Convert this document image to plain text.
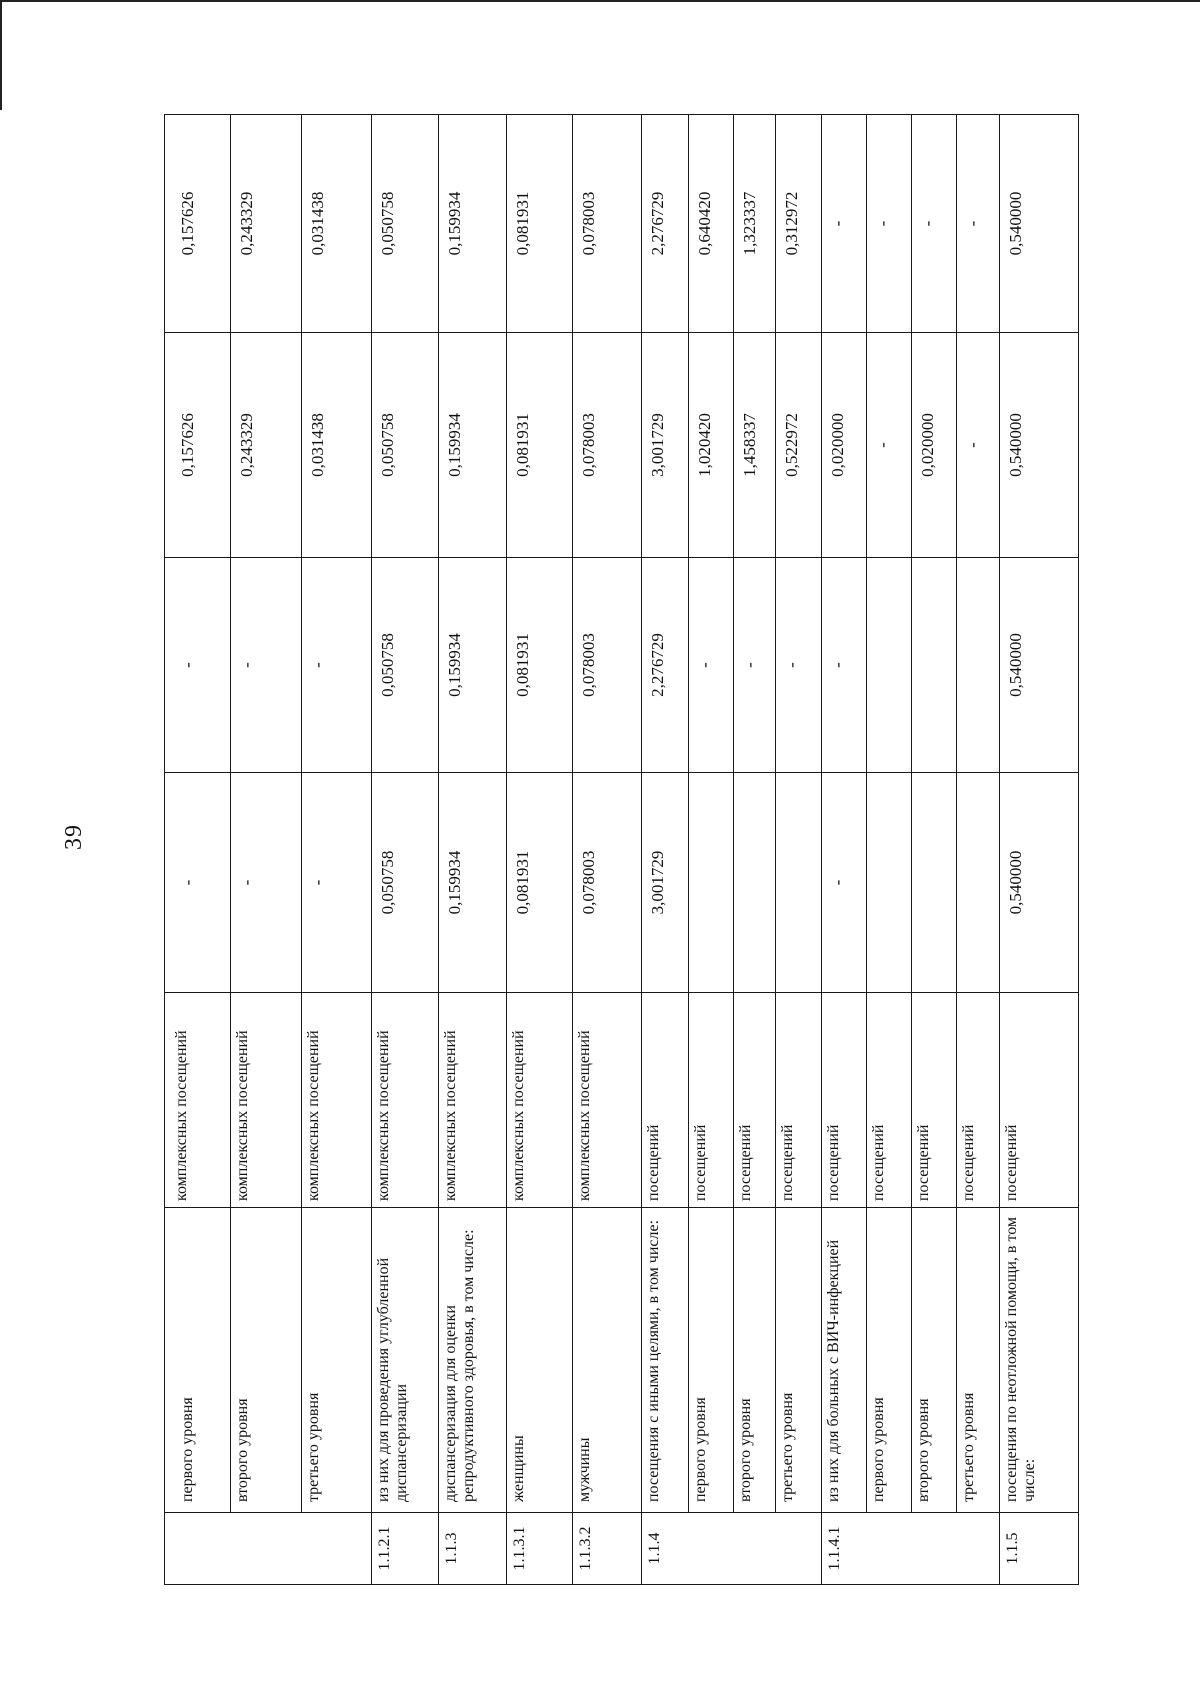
39
	первого уровня	комплексных посещений	-	-	0,157626	0,157626
	второго уровня	комплексных посещений	-	-	0,243329	0,243329
	третьего уровня	комплексных посещений	-	-	0,031438	0,031438
1.1.2.1	из них для проведения углубленной диспансеризации	комплексных посещений	0,050758	0,050758	0,050758	0,050758
1.1.3	диспансеризация для оценки репродуктивного здоровья, в том числе:	комплексных посещений	0,159934	0,159934	0,159934	0,159934
1.1.3.1	женщины	комплексных посещений	0,081931	0,081931	0,081931	0,081931
1.1.3.2	мужчины	комплексных посещений	0,078003	0,078003	0,078003	0,078003
1.1.4	посещения с иными целями, в том числе:	посещений	3,001729	2,276729	3,001729	2,276729
	первого уровня	посещений		-	1,020420	0,640420
	второго уровня	посещений		-	1,458337	1,323337
	третьего уровня	посещений		-	0,522972	0,312972
1.1.4.1	из них для больных с ВИЧ-инфекцией	посещений	-	-	0,020000	-
	первого уровня	посещений			-	-
	второго уровня	посещений			0,020000	-
	третьего уровня	посещений			-	-
1.1.5	посещения по неотложной помощи, в том числе:	посещений	0,540000	0,540000	0,540000	0,540000
